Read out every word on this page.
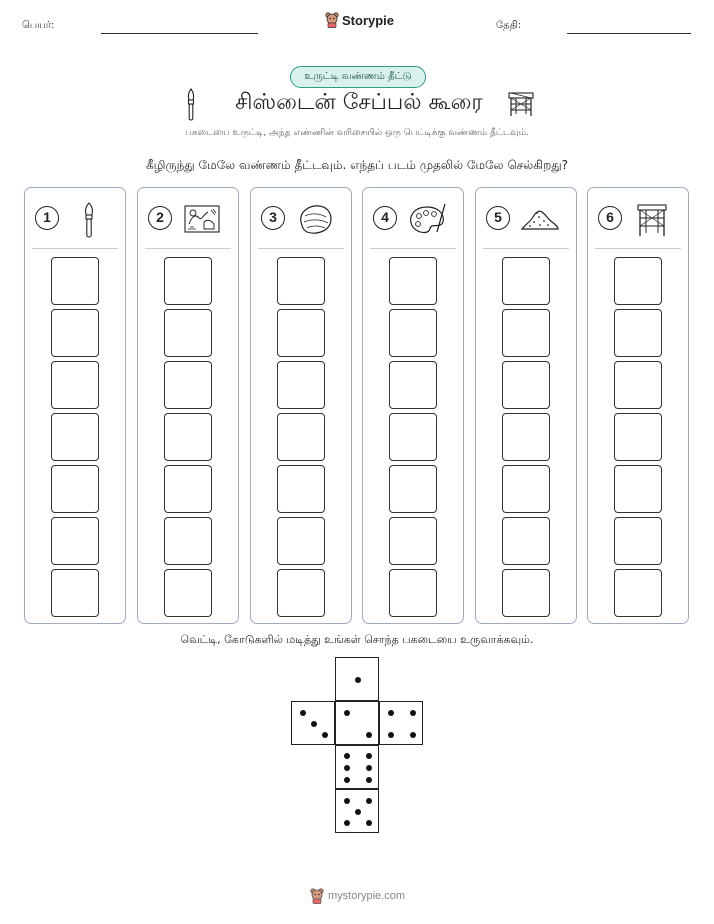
பெயர்:	Storypie	தேதி:
உருட்டி வண்ணம் தீட்டு
சிஸ்டைன் சேப்பல் கூரை
பகடையை உருட்டி, அந்த எண்ணின் வரிசையில் ஒரு பெட்டிக்கு வண்ணம் தீட்டவும்.
கீழிருந்து மேலே வண்ணம் தீட்டவும். எந்தப் படம் முதலில் மேலே செல்கிறது?
1	2	3	4	5	6
வெட்டி, கோடுகளில் மடித்து உங்கள் சொந்த பகடையை உருவாக்கவும்.
mystorypie.com
